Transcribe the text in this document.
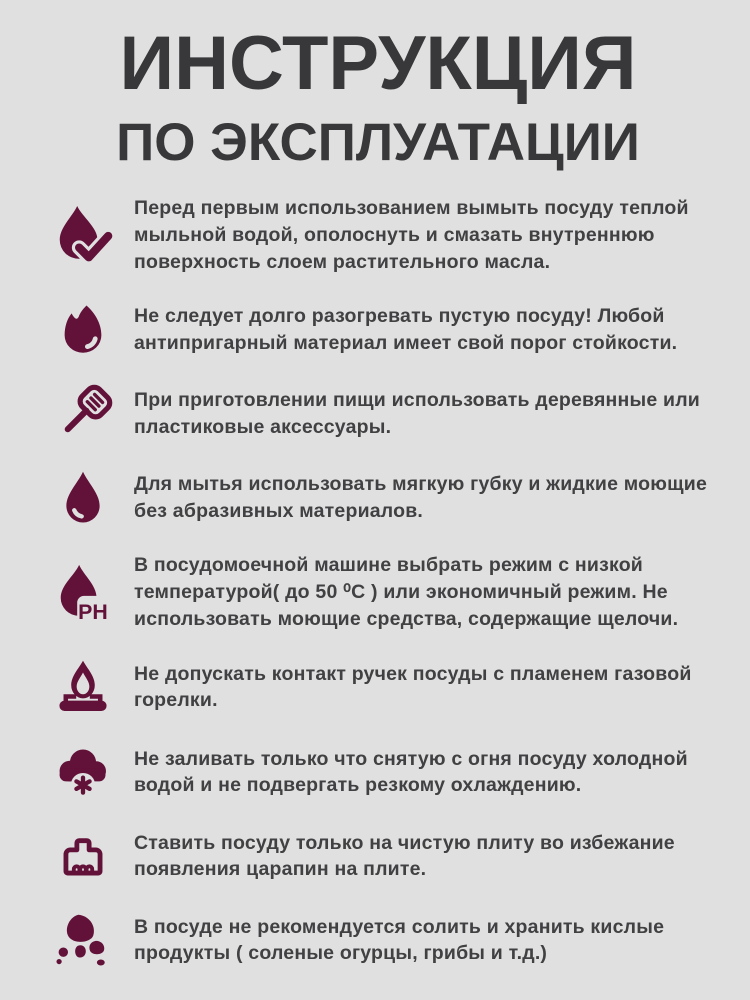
ИНСТРУКЦИЯ
ПО ЭКСПЛУАТАЦИИ
Перед первым использованием вымыть посуду теплой мыльной водой, ополоснуть и смазать внутреннюю поверхность слоем растительного масла.
Не следует долго разогревать пустую посуду! Любой антипригарный материал имеет свой порог стойкости.
При приготовлении пищи использовать деревянные или пластиковые аксессуары.
Для мытья использовать мягкую губку и жидкие моющие без абразивных материалов.
PH
В посудомоечной машине выбрать режим с низкой температурой( до 50 ⁰С ) или экономичный режим. Не использовать моющие средства, содержащие щелочи.
Не допускать контакт ручек посуды с пламенем газовой горелки.
Не заливать только что снятую с огня посуду холодной водой и не подвергать резкому охлаждению.
Ставить посуду только на чистую плиту во избежание появления царапин на плите.
В посуде не рекомендуется солить и хранить кислые продукты ( соленые огурцы, грибы и т.д.)
